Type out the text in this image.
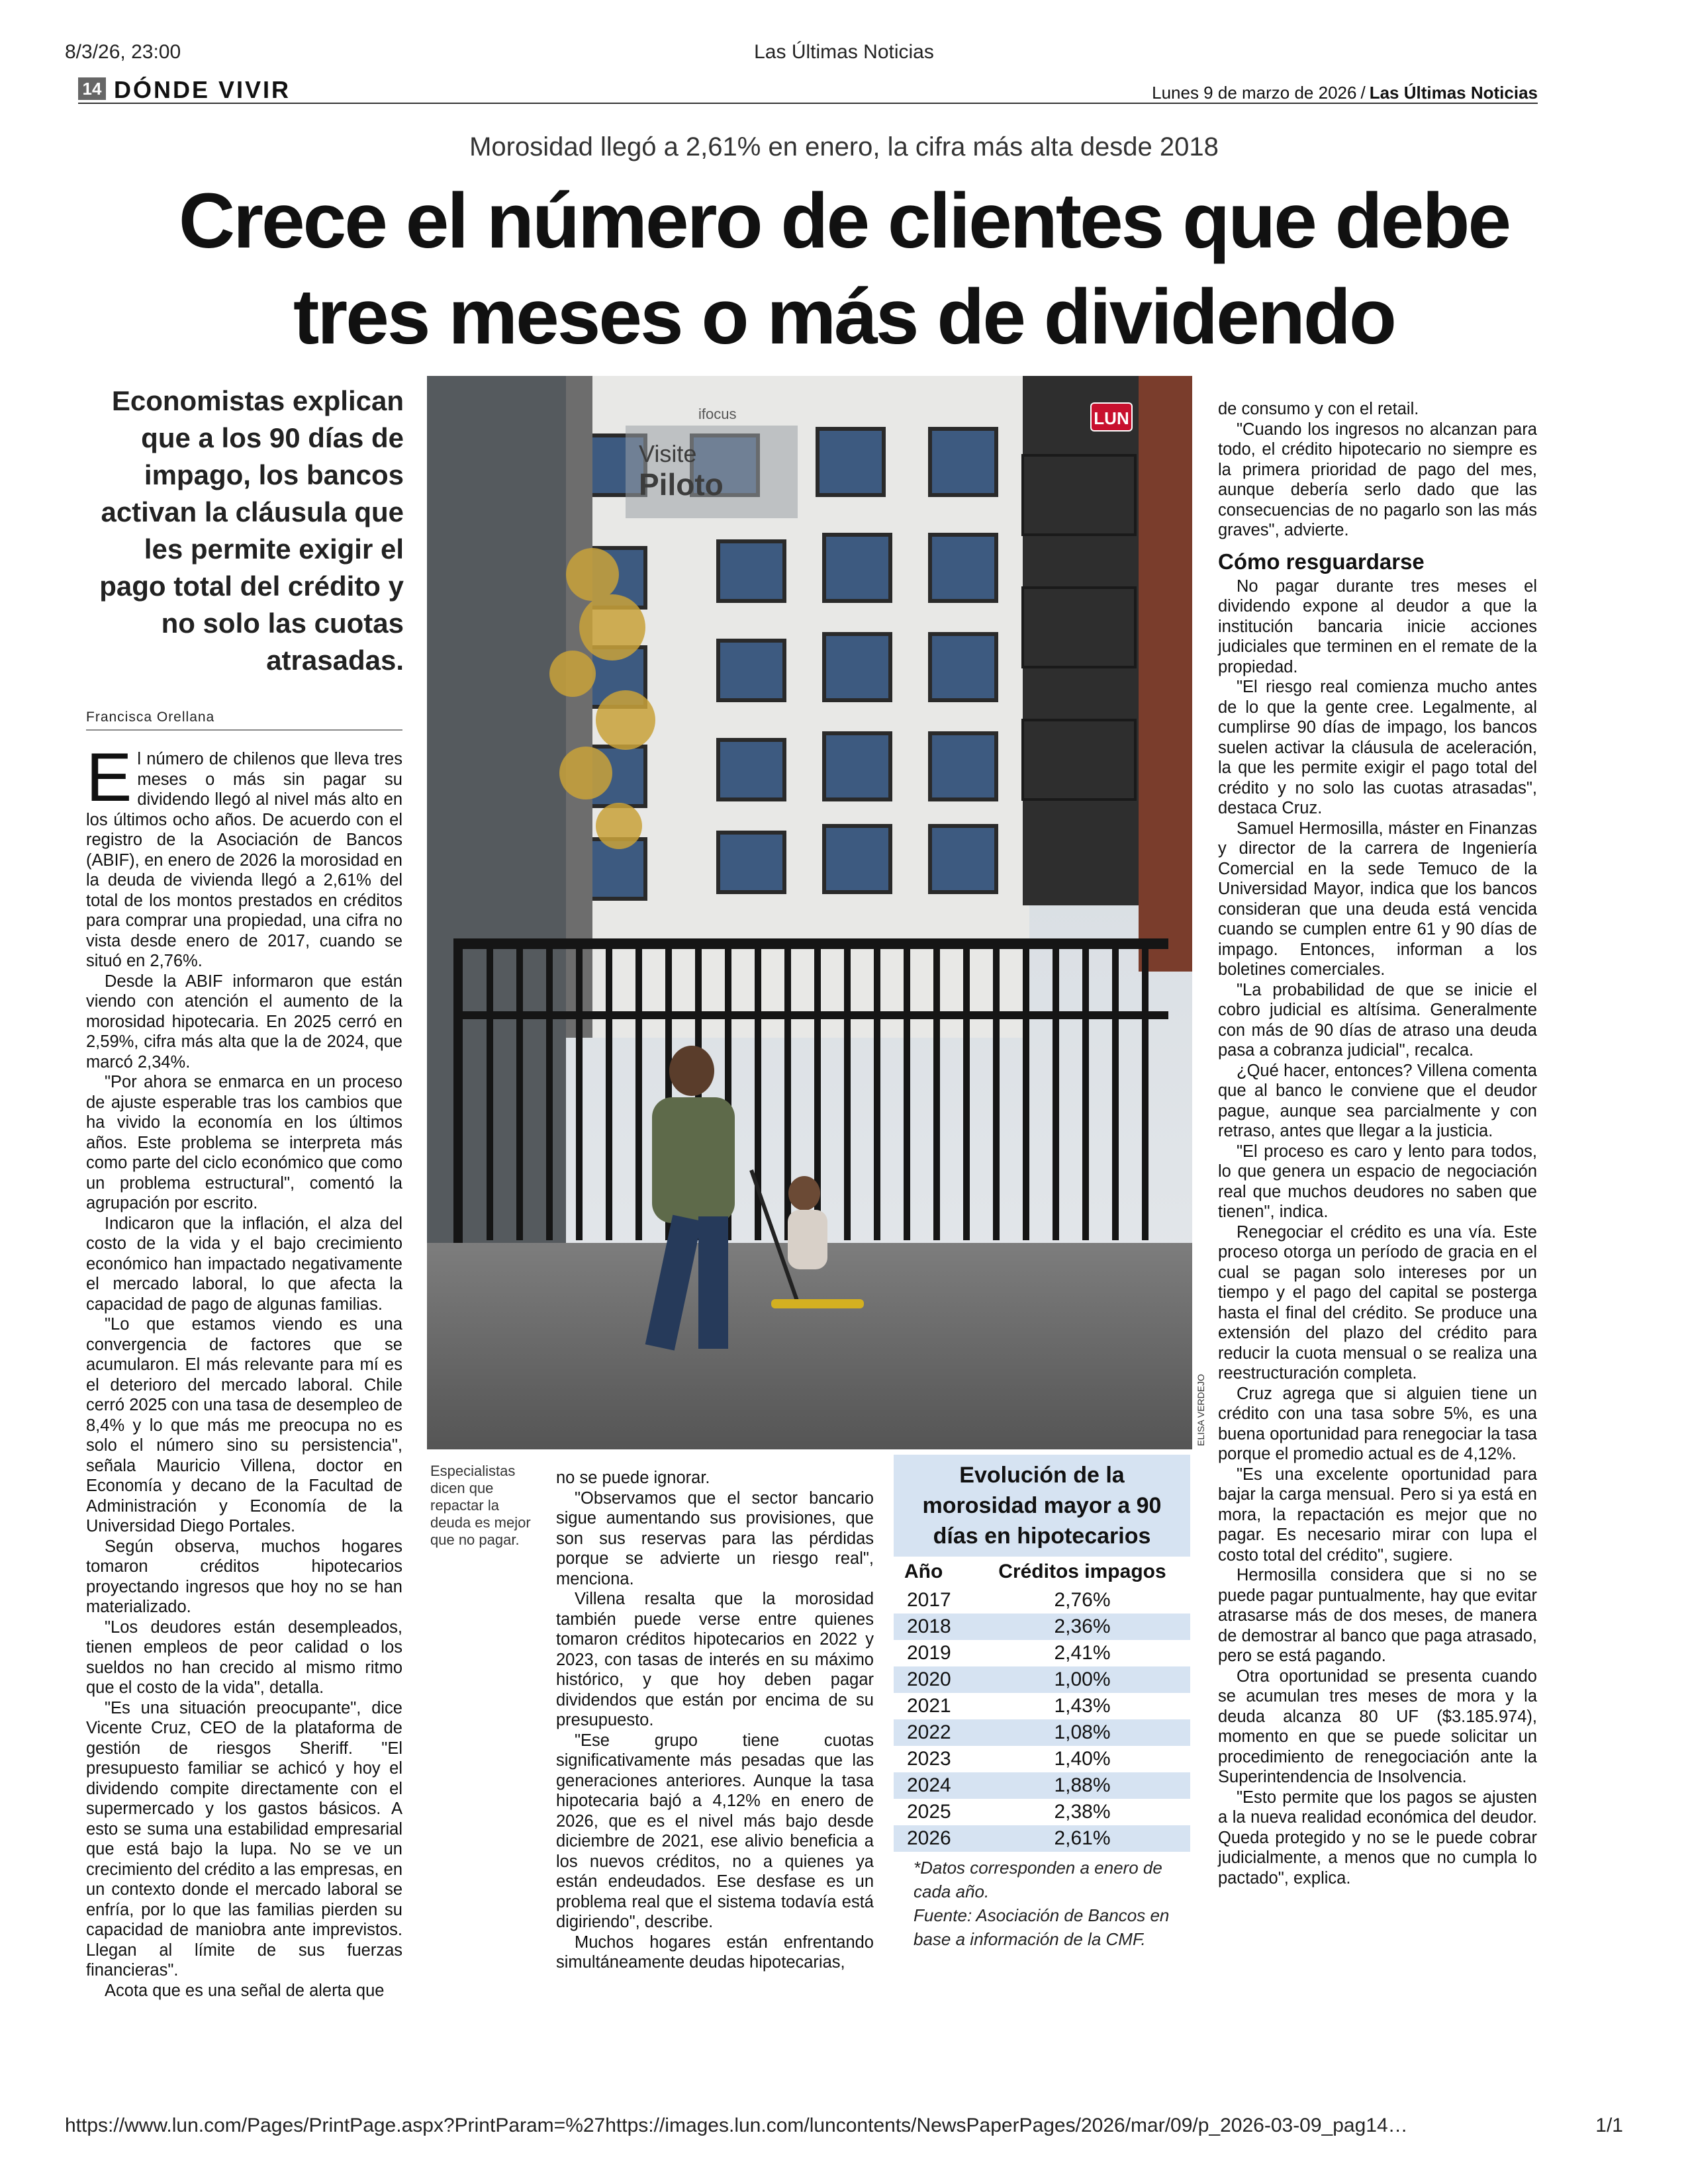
8/3/26, 23:00	Las Últimas Noticias
14 DÓNDE VIVIR	Lunes 9 de marzo de 2026 / Las Últimas Noticias
Morosidad llegó a 2,61% en enero, la cifra más alta desde 2018
Crece el número de clientes que debe
tres meses o más de dividendo
Economistas explican que a los 90 días de impago, los bancos activan la cláusula que les permite exigir el pago total del crédito y no solo las cuotas atrasadas.
Francisca Orellana

El número de chilenos que lleva tres meses o más sin pagar su dividendo llegó al nivel más alto en los últimos ocho años. De acuerdo con el registro de la Asociación de Bancos (ABIF), en enero de 2026 la morosidad en la deuda de vivienda llegó a 2,61% del total de los montos prestados en créditos para comprar una propiedad, una cifra no vista desde enero de 2017, cuando se situó en 2,76%.

Desde la ABIF informaron que están viendo con atención el aumento de la morosidad hipotecaria. En 2025 cerró en 2,59%, cifra más alta que la de 2024, que marcó 2,34%.

"Por ahora se enmarca en un proceso de ajuste esperable tras los cambios que ha vivido la economía en los últimos años. Este problema se interpreta más como parte del ciclo económico que como un problema estructural", comentó la agrupación por escrito.

Indicaron que la inflación, el alza del costo de la vida y el bajo crecimiento económico han impactado negativamente el mercado laboral, lo que afecta la capacidad de pago de algunas familias.

"Lo que estamos viendo es una convergencia de factores que se acumularon. El más relevante para mí es el deterioro del mercado laboral. Chile cerró 2025 con una tasa de desempleo de 8,4% y lo que más me preocupa no es solo el número sino su persistencia", señala Mauricio Villena, doctor en Economía y decano de la Facultad de Administración y Economía de la Universidad Diego Portales.

Según observa, muchos hogares tomaron créditos hipotecarios proyectando ingresos que hoy no se han materializado.

"Los deudores están desempleados, tienen empleos de peor calidad o los sueldos no han crecido al mismo ritmo que el costo de la vida", detalla.

"Es una situación preocupante", dice Vicente Cruz, CEO de la plataforma de gestión de riesgos Sheriff. "El presupuesto familiar se achicó y hoy el dividendo compite directamente con el supermercado y los gastos básicos. A esto se suma una estabilidad empresarial que está bajo la lupa. No se ve un crecimiento del crédito a las empresas, en un contexto donde el mercado laboral se enfría, por lo que las familias pierden su capacidad de maniobra ante imprevistos. Llegan al límite de sus fuerzas financieras".

Acota que es una señal de alerta que

Visite
Piloto
ifocus	LUN
ELISA VERDEJO
Especialistas dicen que repactar la deuda es mejor que no pagar.

no se puede ignorar.

"Observamos que el sector bancario sigue aumentando sus provisiones, que son sus reservas para las pérdidas porque se advierte un riesgo real", menciona.

Villena resalta que la morosidad también puede verse entre quienes tomaron créditos hipotecarios en 2022 y 2023, con tasas de interés en su máximo histórico, y que hoy deben pagar dividendos que están por encima de su presupuesto.

"Ese grupo tiene cuotas significativamente más pesadas que las generaciones anteriores. Aunque la tasa hipotecaria bajó a 4,12% en enero de 2026, que es el nivel más bajo desde diciembre de 2021, ese alivio beneficia a los nuevos créditos, no a quienes ya están endeudados. Ese desfase es un problema real que el sistema todavía está digiriendo", describe.

Muchos hogares están enfrentando simultáneamente deudas hipotecarias,

Evolución de la morosidad mayor a 90 días en hipotecarios
Año	Créditos impagos
2017	2,76%
2018	2,36%
2019	2,41%
2020	1,00%
2021	1,43%
2022	1,08%
2023	1,40%
2024	1,88%
2025	2,38%
2026	2,61%
*Datos corresponden a enero de cada año.
Fuente: Asociación de Bancos en base a información de la CMF.

de consumo y con el retail.

"Cuando los ingresos no alcanzan para todo, el crédito hipotecario no siempre es la primera prioridad de pago del mes, aunque debería serlo dado que las consecuencias de no pagarlo son las más graves", advierte.

Cómo resguardarse

No pagar durante tres meses el dividendo expone al deudor a que la institución bancaria inicie acciones judiciales que terminen en el remate de la propiedad.

"El riesgo real comienza mucho antes de lo que la gente cree. Legalmente, al cumplirse 90 días de impago, los bancos suelen activar la cláusula de aceleración, la que les permite exigir el pago total del crédito y no solo las cuotas atrasadas", destaca Cruz.

Samuel Hermosilla, máster en Finanzas y director de la carrera de Ingeniería Comercial en la sede Temuco de la Universidad Mayor, indica que los bancos consideran que una deuda está vencida cuando se cumplen entre 61 y 90 días de impago. Entonces, informan a los boletines comerciales.

"La probabilidad de que se inicie el cobro judicial es altísima. Generalmente con más de 90 días de atraso una deuda pasa a cobranza judicial", recalca.

¿Qué hacer, entonces? Villena comenta que al banco le conviene que el deudor pague, aunque sea parcialmente y con retraso, antes que llegar a la justicia.

"El proceso es caro y lento para todos, lo que genera un espacio de negociación real que muchos deudores no saben que tienen", indica.

Renegociar el crédito es una vía. Este proceso otorga un período de gracia en el cual se pagan solo intereses por un tiempo y el pago del capital se posterga hasta el final del crédito. Se produce una extensión del plazo del crédito para reducir la cuota mensual o se realiza una reestructuración completa.

Cruz agrega que si alguien tiene un crédito con una tasa sobre 5%, es una buena oportunidad para renegociar la tasa porque el promedio actual es de 4,12%.

"Es una excelente oportunidad para bajar la carga mensual. Pero si ya está en mora, la repactación es mejor que no pagar. Es necesario mirar con lupa el costo total del crédito", sugiere.

Hermosilla considera que si no se puede pagar puntualmente, hay que evitar atrasarse más de dos meses, de manera de demostrar al banco que paga atrasado, pero se está pagando.

Otra oportunidad se presenta cuando se acumulan tres meses de mora y la deuda alcanza 80 UF ($3.185.974), momento en que se puede solicitar un procedimiento de renegociación ante la Superintendencia de Insolvencia.

"Esto permite que los pagos se ajusten a la nueva realidad económica del deudor. Queda protegido y no se le puede cobrar judicialmente, a menos que no cumpla lo pactado", explica.

https://www.lun.com/Pages/PrintPage.aspx?PrintParam=%27https://images.lun.com/luncontents/NewsPaperPages/2026/mar/09/p_2026-03-09_pag14…	1/1
